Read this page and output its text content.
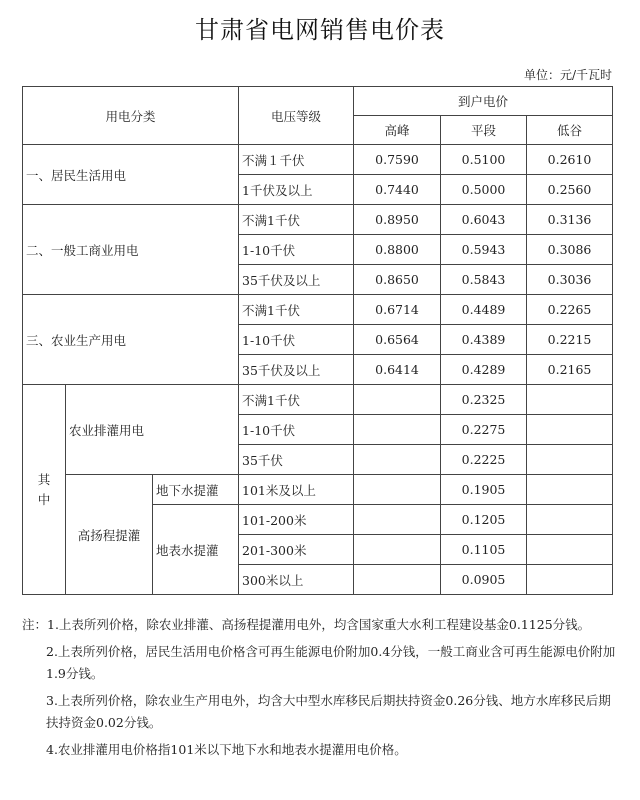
甘肃省电网销售电价表
单位：元/千瓦时
用电分类			电压等级	到户电价		
				高峰	平段	低谷
一、居民生活用电			不满１千伏	0.7590	0.5100	0.2610
			1千伏及以上	0.7440	0.5000	0.2560
二、一般工商业用电			不满1千伏	0.8950	0.6043	0.3136
			1-10千伏	0.8800	0.5943	0.3086
			35千伏及以上	0.8650	0.5843	0.3036
三、农业生产用电			不满1千伏	0.6714	0.4489	0.2265
			1-10千伏	0.6564	0.4389	0.2215
			35千伏及以上	0.6414	0.4289	0.2165
其
中	农业排灌用电		不满1千伏		0.2325	
			1-10千伏		0.2275	
			35千伏		0.2225	
	高扬程提灌	地下水提灌	101米及以上		0.1905	
		地表水提灌	101-200米		0.1205	
			201-300米		0.1105	
			300米以上		0.0905	

注：1.上表所列价格，除农业排灌、高扬程提灌用电外，均含国家重大水利工程建设基金0.1125分钱。

2.上表所列价格，居民生活用电价格含可再生能源电价附加0.4分钱，一般工商业含可再生能源电价附加1.9分钱。

3.上表所列价格，除农业生产用电外，均含大中型水库移民后期扶持资金0.26分钱、地方水库移民后期扶持资金0.02分钱。

4.农业排灌用电价格指101米以下地下水和地表水提灌用电价格。
